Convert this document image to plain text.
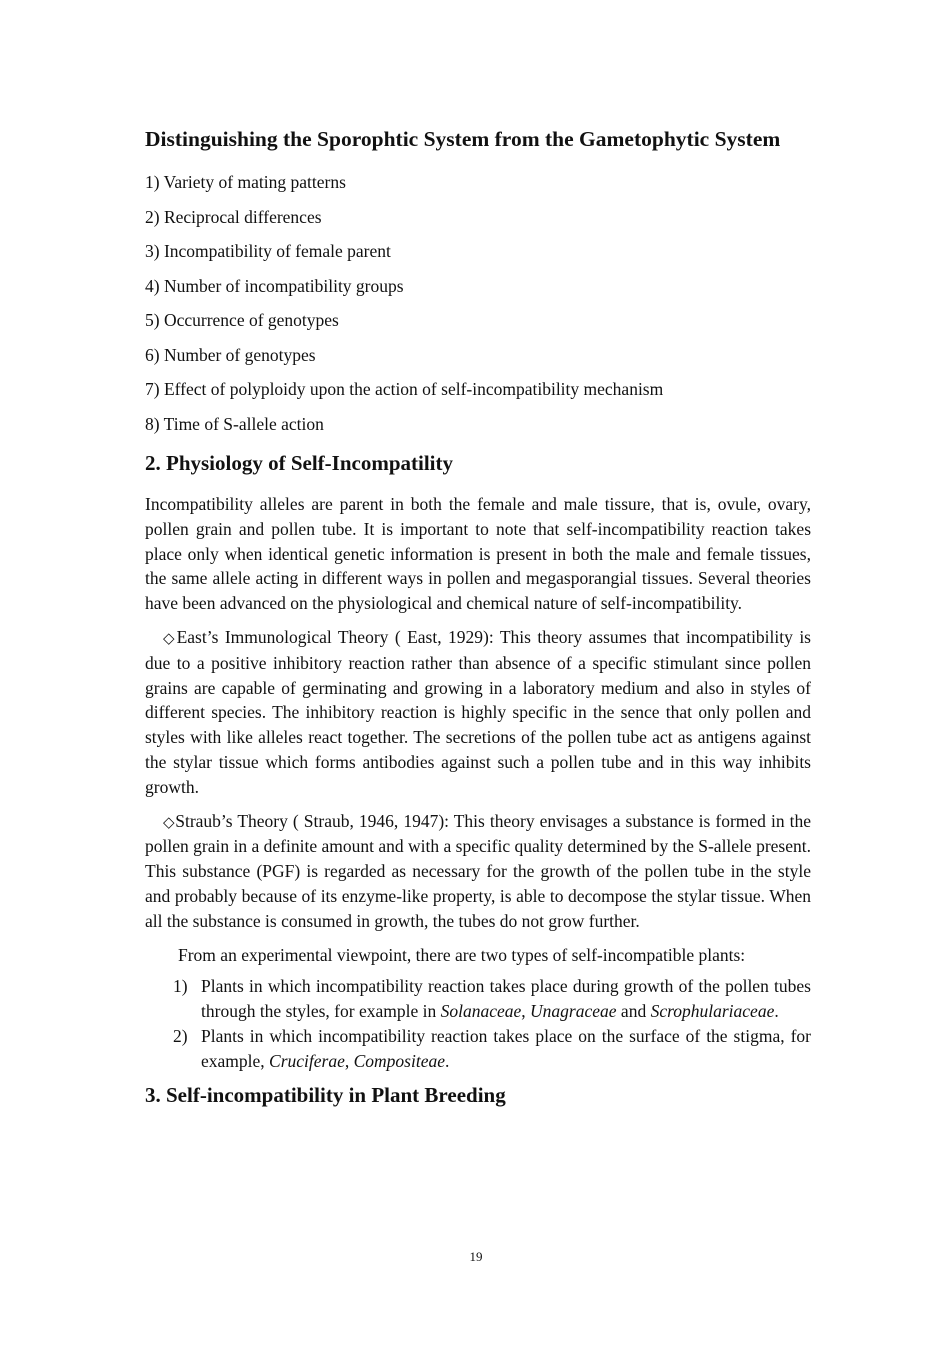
Distinguishing the Sporophtic System from the Gametophytic System
1) Variety of mating patterns
2) Reciprocal differences
3) Incompatibility of female parent
4) Number of incompatibility groups
5) Occurrence of genotypes
6) Number of genotypes
7) Effect of polyploidy upon the action of self-incompatibility mechanism
8) Time of S-allele action
2. Physiology of Self-Incompatility

Incompatibility alleles are parent in both the female and male tissure, that is, ovule, ovary, pollen grain and pollen tube. It is important to note that self-incompatibility reaction takes place only when identical genetic information is present in both the male and female tissues, the same allele acting in different ways in pollen and megasporangial tissues. Several theories have been advanced on the physiological and chemical nature of self-incompatibility.

◇East’s Immunological Theory ( East, 1929): This theory assumes that incompatibility is due to a positive inhibitory reaction rather than absence of a specific stimulant since pollen grains are capable of germinating and growing in a laboratory medium and also in styles of different species. The inhibitory reaction is highly specific in the sence that only pollen and styles with like alleles react together. The secretions of the pollen tube act as antigens against the stylar tissue which forms antibodies against such a pollen tube and in this way inhibits growth.

◇Straub’s Theory ( Straub, 1946, 1947): This theory envisages a substance is formed in the pollen grain in a definite amount and with a specific quality determined by the S-allele present. This substance (PGF) is regarded as necessary for the growth of the pollen tube in the style and probably because of its enzyme-like property, is able to decompose the stylar tissue. When all the substance is consumed in growth, the tubes do not grow further.

From an experimental viewpoint, there are two types of self-incompatible plants:

1) Plants in which incompatibility reaction takes place during growth of the pollen tubes through the styles, for example in Solanaceae, Unagraceae and Scrophulariaceae.
2) Plants in which incompatibility reaction takes place on the surface of the stigma, for example, Cruciferae, Compositeae.
3. Self-incompatibility in Plant Breeding
19
